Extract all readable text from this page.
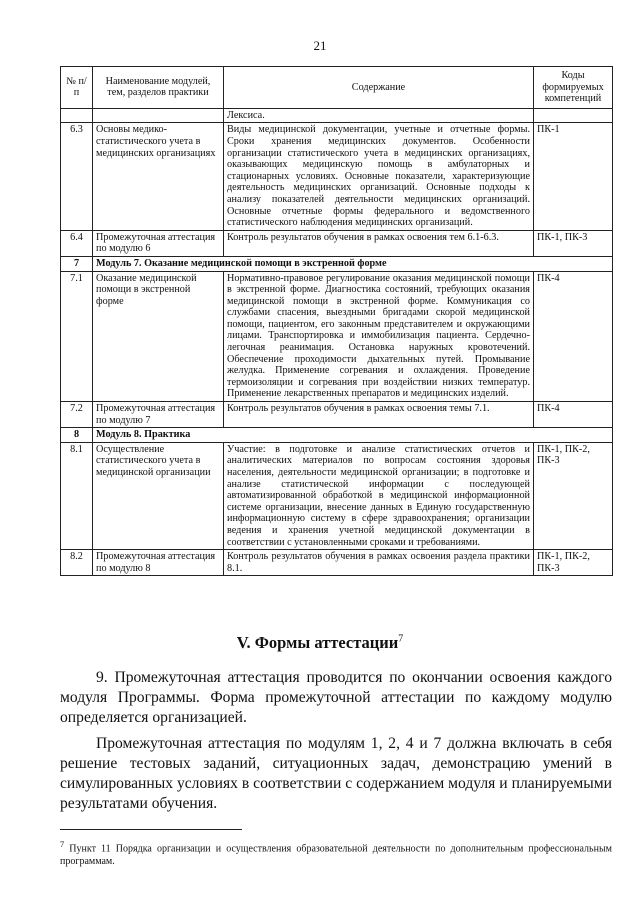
21
№ п/п	Наименование модулей, тем, разделов практики	Содержание	Коды формируемых компетенций
		Лексиса.	
6.3	Основы медико-статистического учета в медицинских организациях	Виды медицинской документации, учетные и отчетные формы. Сроки хранения медицинских документов. Особенности организации статистического учета в медицинских организациях, оказывающих медицинскую помощь в амбулаторных и стационарных условиях. Основные показатели, характеризующие деятельность медицинских организаций. Основные подходы к анализу показателей деятельности медицинских организаций. Основные отчетные формы федерального и ведомственного статистического наблюдения медицинских организаций.	ПК-1
6.4	Промежуточная аттестация по модулю 6	Контроль результатов обучения в рамках освоения тем 6.1-6.3.	ПК-1, ПК-3
7	Модуль 7. Оказание медицинской помощи в экстренной форме		
7.1	Оказание медицинской помощи в экстренной форме	Нормативно-правовое регулирование оказания медицинской помощи в экстренной форме. Диагностика состояний, требующих оказания медицинской помощи в экстренной форме. Коммуникация со службами спасения, выездными бригадами скорой медицинской помощи, пациентом, его законным представителем и окружающими лицами. Транспортировка и иммобилизация пациента. Сердечно-легочная реанимация. Остановка наружных кровотечений. Обеспечение проходимости дыхательных путей. Промывание желудка. Применение согревания и охлаждения. Проведение термоизоляции и согревания при воздействии низких температур. Применение лекарственных препаратов и медицинских изделий.	ПК-4
7.2	Промежуточная аттестация по модулю 7	Контроль результатов обучения в рамках освоения темы 7.1.	ПК-4
8	Модуль 8. Практика		
8.1	Осуществление статистического учета в медицинской организации	Участие: в подготовке и анализе статистических отчетов и аналитических материалов по вопросам состояния здоровья населения, деятельности медицинской организации; в подготовке и анализе статистической информации с последующей автоматизированной обработкой в медицинской информационной системе организации, внесение данных в Единую государственную информационную систему в сфере здравоохранения; организации ведения и хранения учетной медицинской документации в соответствии с установленными сроками и требованиями.	ПК-1, ПК-2, ПК-3
8.2	Промежуточная аттестация по модулю 8	Контроль результатов обучения в рамках освоения раздела практики 8.1.	ПК-1, ПК-2, ПК-3
V. Формы аттестации$^7$

9. Промежуточная аттестация проводится по окончании освоения каждого модуля Программы. Форма промежуточной аттестации по каждому модулю определяется организацией.

Промежуточная аттестация по модулям 1, 2, 4 и 7 должна включать в себя решение тестовых заданий, ситуационных задач, демонстрацию умений в симулированных условиях в соответствии с содержанием модуля и планируемыми результатами обучения.

$^7$ Пункт 11 Порядка организации и осуществления образовательной деятельности по дополнительным профессиональным программам.
